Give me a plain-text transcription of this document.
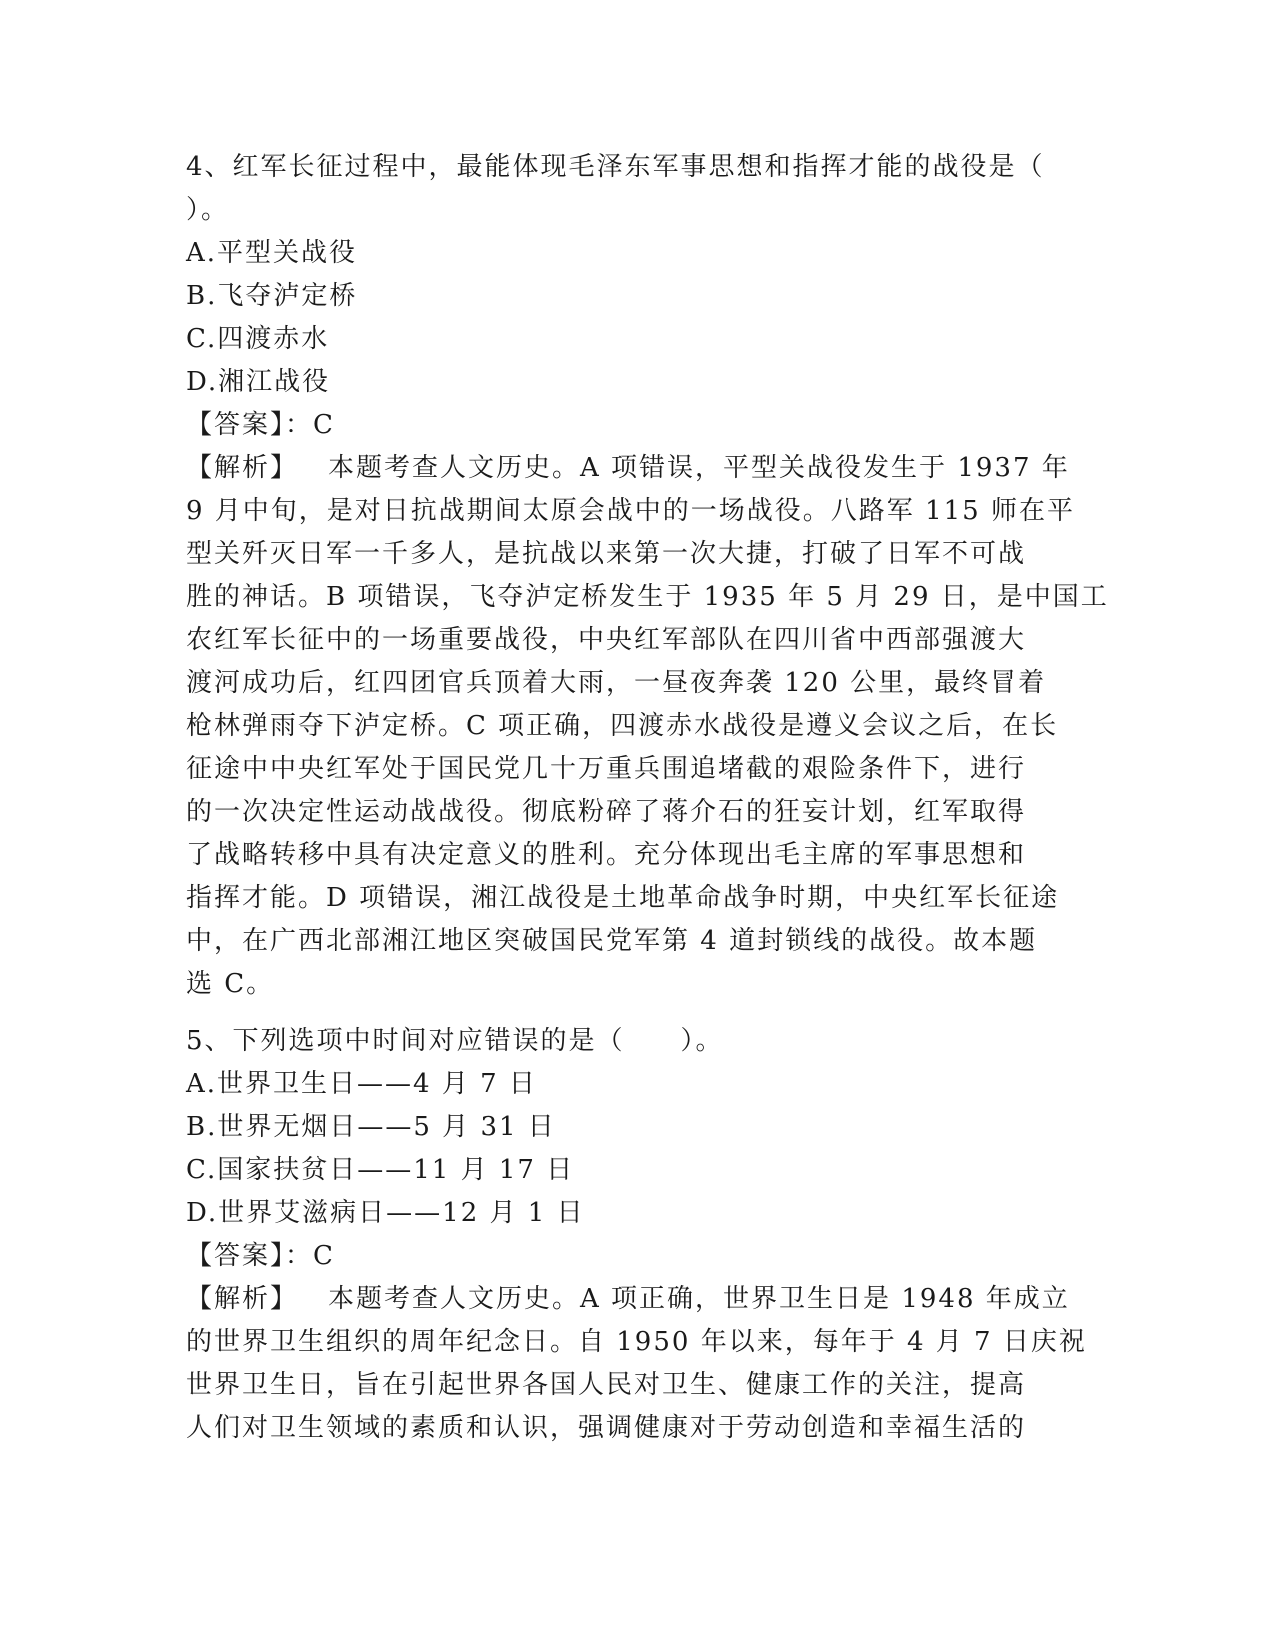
4、红军长征过程中，最能体现毛泽东军事思想和指挥才能的战役是（
）。
A.平型关战役
B.飞夺泸定桥
C.四渡赤水
D.湘江战役
【答案】：C
【解析】 本题考查人文历史。A 项错误，平型关战役发生于 1937 年
9 月中旬，是对日抗战期间太原会战中的一场战役。八路军 115 师在平
型关歼灭日军一千多人，是抗战以来第一次大捷，打破了日军不可战
胜的神话。B 项错误，飞夺泸定桥发生于 1935 年 5 月 29 日，是中国工
农红军长征中的一场重要战役，中央红军部队在四川省中西部强渡大
渡河成功后，红四团官兵顶着大雨，一昼夜奔袭 120 公里，最终冒着
枪林弹雨夺下泸定桥。C 项正确，四渡赤水战役是遵义会议之后，在长
征途中中央红军处于国民党几十万重兵围追堵截的艰险条件下，进行
的一次决定性运动战战役。彻底粉碎了蒋介石的狂妄计划，红军取得
了战略转移中具有决定意义的胜利。充分体现出毛主席的军事思想和
指挥才能。D 项错误，湘江战役是土地革命战争时期，中央红军长征途
中，在广西北部湘江地区突破国民党军第 4 道封锁线的战役。故本题
选 C。
5、下列选项中时间对应错误的是（　　）。
A.世界卫生日——4 月 7 日
B.世界无烟日——5 月 31 日
C.国家扶贫日——11 月 17 日
D.世界艾滋病日——12 月 1 日
【答案】：C
【解析】 本题考查人文历史。A 项正确，世界卫生日是 1948 年成立
的世界卫生组织的周年纪念日。自 1950 年以来，每年于 4 月 7 日庆祝
世界卫生日，旨在引起世界各国人民对卫生、健康工作的关注，提高
人们对卫生领域的素质和认识，强调健康对于劳动创造和幸福生活的
